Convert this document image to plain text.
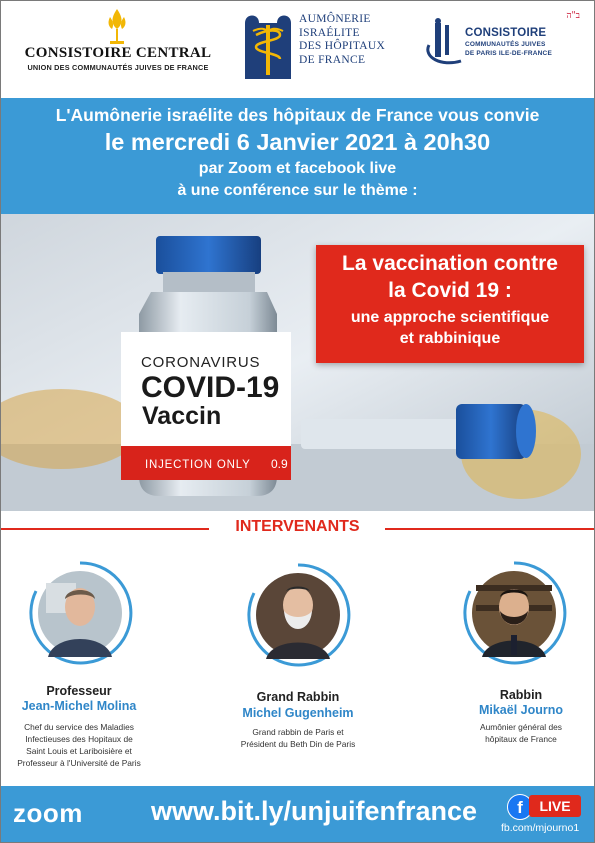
ב"ה
CONSISTOIRE CENTRAL
UNION DES COMMUNAUTÉS JUIVES DE FRANCE
AUMÔNERIE
ISRAÉLITE
DES HÔPITAUX
DE FRANCE
CONSISTOIRE
COMMUNAUTÉS JUIVES
DE PARIS ILE-DE-FRANCE
L'Aumônerie israélite des hôpitaux de France vous convie
le mercredi 6 Janvier 2021 à 20h30
par Zoom et facebook live
à une conférence sur le thème :
CORONAVIRUS
COVID-19
Vaccin
INJECTION ONLY 0.9
La vaccination contre
la Covid 19 :
une approche scientifique
et rabbinique
INTERVENANTS
Professeur
Jean-Michel Molina
Chef du service des Maladies
Infectieuses des Hopitaux de
Saint Louis et Lariboisière et
Professeur à l'Université de Paris
Grand Rabbin
Michel Gugenheim
Grand rabbin de Paris et
Président du Beth Din de Paris
Rabbin
Mikaël Journo
Aumônier général des
hôpitaux de France
zoom	www.bit.ly/unjuifenfrance	f	LIVE
fb.com/mjourno1
